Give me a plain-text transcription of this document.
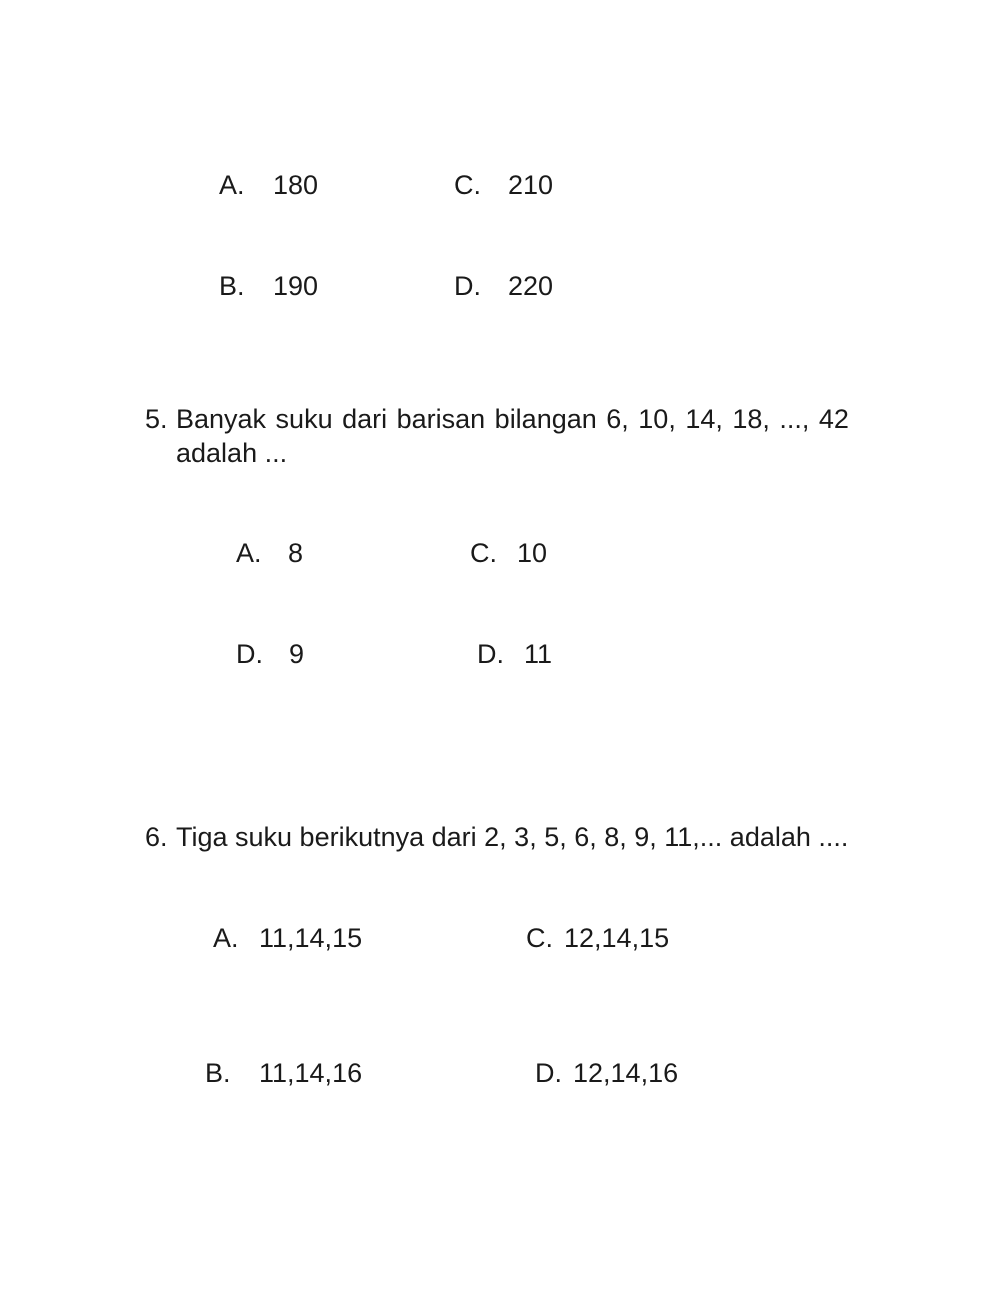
A. 180	C. 210
B. 190	D. 220
5. Banyak suku dari barisan bilangan 6, 10, 14, 18, ..., 42
adalah ...
A. 8	C. 10
D. 9	D. 11
6. Tiga suku berikutnya dari 2, 3, 5, 6, 8, 9, 11,... adalah ....
A. 11,14,15	C. 12,14,15
B. 11,14,16	D. 12,14,16
